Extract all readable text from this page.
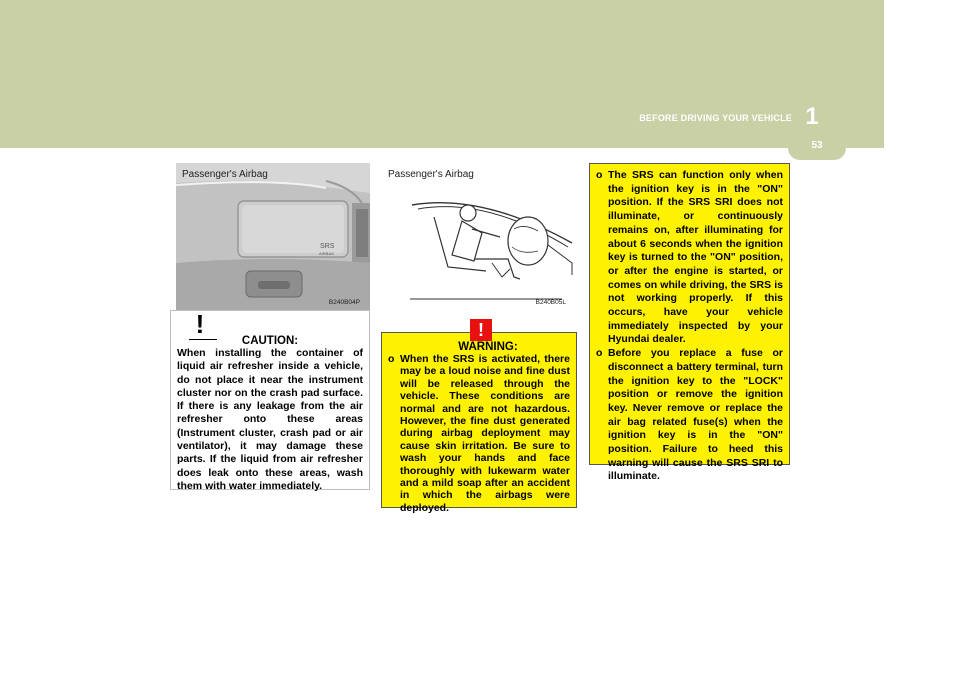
1
BEFORE DRIVING YOUR VEHICLE
53
Passenger's Airbag
SRS
AIRBAG
B240B04P
Passenger's Airbag
B240B05L
!
CAUTION:
When installing the container of liquid air refresher inside a vehicle, do not place it near the instrument cluster nor on the crash pad surface. If there is any leakage from the air refresher onto these areas (Instrument cluster, crash pad or air ventilator), it may damage these parts. If the liquid from air refresher does leak onto these areas, wash them with water immediately.
!
WARNING:
o When the SRS is activated, there may be a loud noise and fine dust will be released through the vehicle. These conditions are normal and are not hazardous. However, the fine dust generated during airbag deployment may cause skin irritation. Be sure to wash your hands and face thoroughly with lukewarm water and a mild soap after an accident in which the airbags were deployed.
o The SRS can function only when the ignition key is in the "ON" position. If the SRS SRI does not illuminate, or continuously remains on, after illuminating for about 6 seconds when the ignition key is turned to the "ON" position, or after the engine is started, or comes on while driving, the SRS is not working properly. If this occurs, have your vehicle immediately inspected by your Hyundai dealer.
o Before you replace a fuse or disconnect a battery terminal, turn the ignition key to the "LOCK" position or remove the ignition key. Never remove or replace the air bag related fuse(s) when the ignition key is in the "ON" position. Failure to heed this warning will cause the SRS SRI to illuminate.
